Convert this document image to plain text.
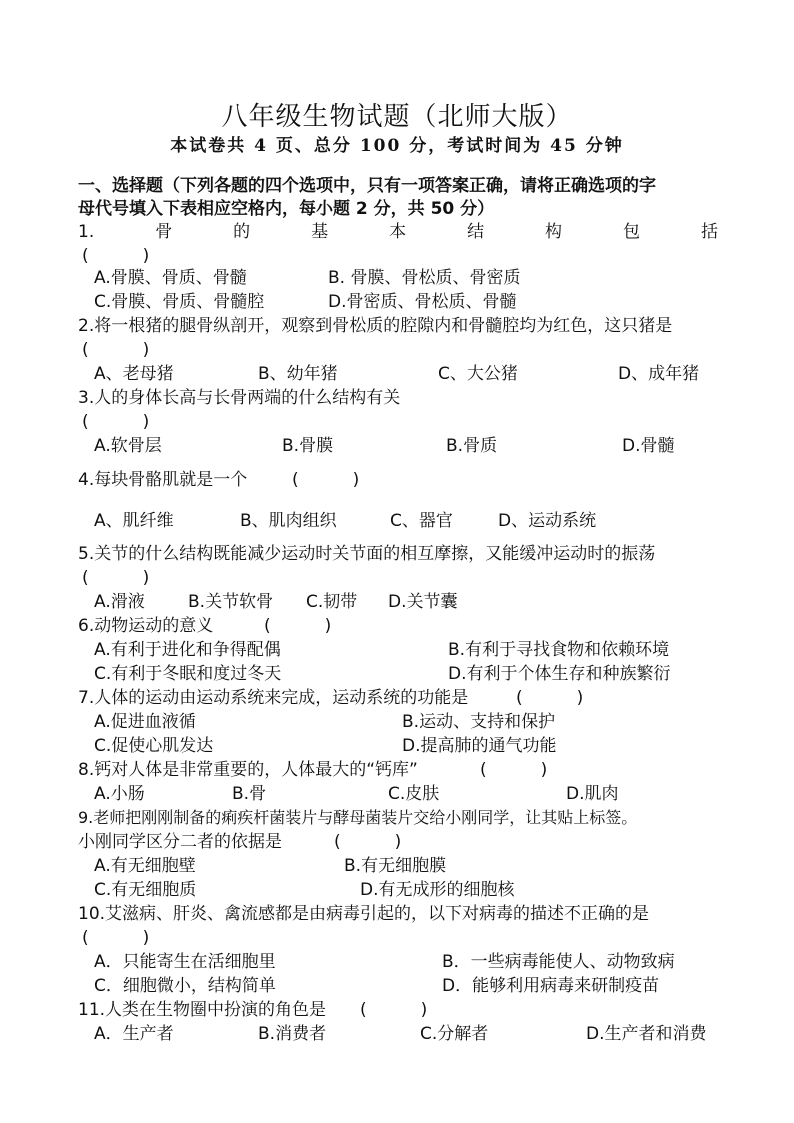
八年级生物试题（北师大版）
本试卷共 4 页、总分 100 分，考试时间为 45 分钟
一、选择题（下列各题的四个选项中，只有一项答案正确，请将正确选项的字
母代号填入下表相应空格内，每小题 2 分，共 50 分）
1.	骨	的	基	本	结	构	包	括
(          )
A.骨膜、骨质、骨髓	B. 骨膜、骨松质、骨密质
C.骨膜、骨质、骨髓腔	D.骨密质、骨松质、骨髓
2.将一根猪的腿骨纵剖开，观察到骨松质的腔隙内和骨髓腔均为红色，这只猪是
(          )
A、老母猪	B、幼年猪	C、大公猪	D、成年猪
3.人的身体长高与长骨两端的什么结构有关
(          )
A.软骨层	B.骨膜	B.骨质	D.骨髓
4.每块骨骼肌就是一个	(          )
A、肌纤维	B、肌肉组织	C、器官	D、运动系统
5.关节的什么结构既能减少运动时关节面的相互摩擦，又能缓冲运动时的振荡
(          )
A.滑液	B.关节软骨 C.韧带 D.关节囊
6.动物运动的意义	(          )
A.有利于进化和争得配偶	B.有利于寻找食物和依赖环境
C.有利于冬眠和度过冬天	D.有利于个体生存和种族繁衍
7.人体的运动由运动系统来完成，运动系统的功能是	(          )
A.促进血液循	B.运动、支持和保护
C.促使心肌发达	D.提高肺的通气功能
8.钙对人体是非常重要的，人体最大的“钙库”	(          )
A.小肠	B.骨	C.皮肤	D.肌肉
9.老师把刚刚制备的痢疾杆菌装片与酵母菌装片交给小刚同学，让其贴上标签。
小刚同学区分二者的依据是	(          )
A.有无细胞壁	B.有无细胞膜
C.有无细胞质	D.有无成形的细胞核
10.艾滋病、肝炎、禽流感都是由病毒引起的，以下对病毒的描述不正确的是
(          )
A．只能寄生在活细胞里	B．一些病毒能使人、动物致病
C．细胞微小，结构简单	D．能够利用病毒来研制疫苗
11.人类在生物圈中扮演的角色是 (          )
A．生产者	B.消费者	C.分解者	D.生产者和消费
